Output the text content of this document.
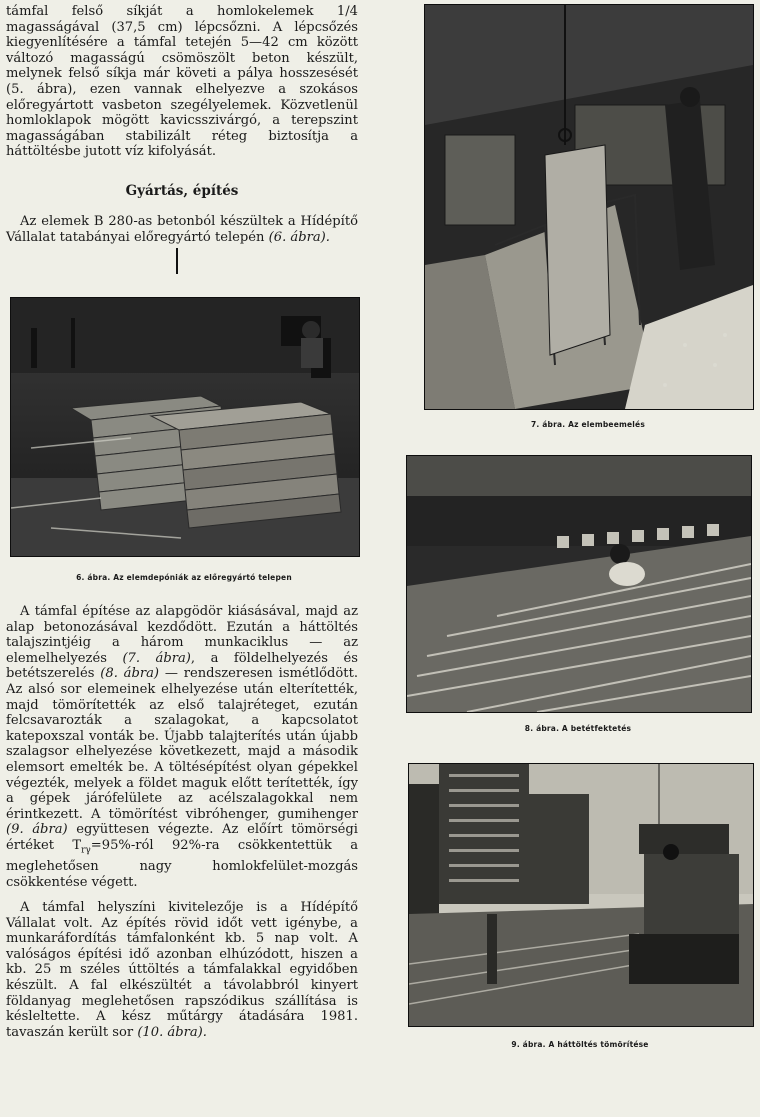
támfal felső síkját a homlokelemek 1/4 magasságával (37,5 cm) lépcsőzni. A lépcsőzés kiegyenlítésére a támfal tetején 5—42 cm között változó magasságú csömöszölt beton készült, melynek felső síkja már követi a pálya hosszesését (5. ábra), ezen vannak elhelyezve a szokásos előregyártott vasbeton szegélyelemek. Közvetlenül homloklapok mögött kavicsszivárgó, a terepszint magasságában stabilizált réteg biztosítja a háttöltésbe jutott víz kifolyását.

Gyártás, építés

Az elemek B 280-as betonból készültek a Hídépítő Vállalat tatabányai előregyártó telepén (6. ábra).

6. ábra. Az elemdepóniák az előregyártó telepen

7. ábra. Az elembeemelés

8. ábra. A betétfektetés

9. ábra. A háttöltés tömörítése

A támfal építése az alapgödör kiásásával, majd az alap betonozásával kezdődött. Ezután a háttöltés talajszintjéig a három munkaciklus — az elemelhelyezés (7. ábra), a földelhelyezés és betétszerelés (8. ábra) — rendszeresen ismétlődött. Az alsó sor elemeinek elhelyezése után elterítették, majd tömörítették az első talajréteget, ezután felcsavarozták a szalagokat, a kapcsolatot katepoxszal vonták be. Újabb talajterítés után újabb szalagsor elhelyezése következett, majd a második elemsort emelték be. A töltésépítést olyan gépekkel végezték, melyek a földet maguk előtt terítették, így a gépek járófelülete az acélszalagokkal nem érintkezett. A tömörítést vibróhenger, gumihenger (9. ábra) együttesen végezte. Az előírt tömörségi értéket $T_{r\gamma}=95\%$-ról 92%-ra csökkentettük a meglehetősen nagy homlokfelület-mozgás csökkentése végett.

A támfal helyszíni kivitelezője is a Hídépítő Vállalat volt. Az építés rövid időt vett igénybe, a munkaráfordítás támfalonként kb. 5 nap volt. A valóságos építési idő azonban elhúzódott, hiszen a kb. 25 m széles úttöltés a támfalakkal egyidőben készült. A fal elkészültét a távolabbról kinyert földanyag meglehetősen rapszódikus szállítása is késleltette. A kész műtárgy átadására 1981. tavaszán került sor (10. ábra).
